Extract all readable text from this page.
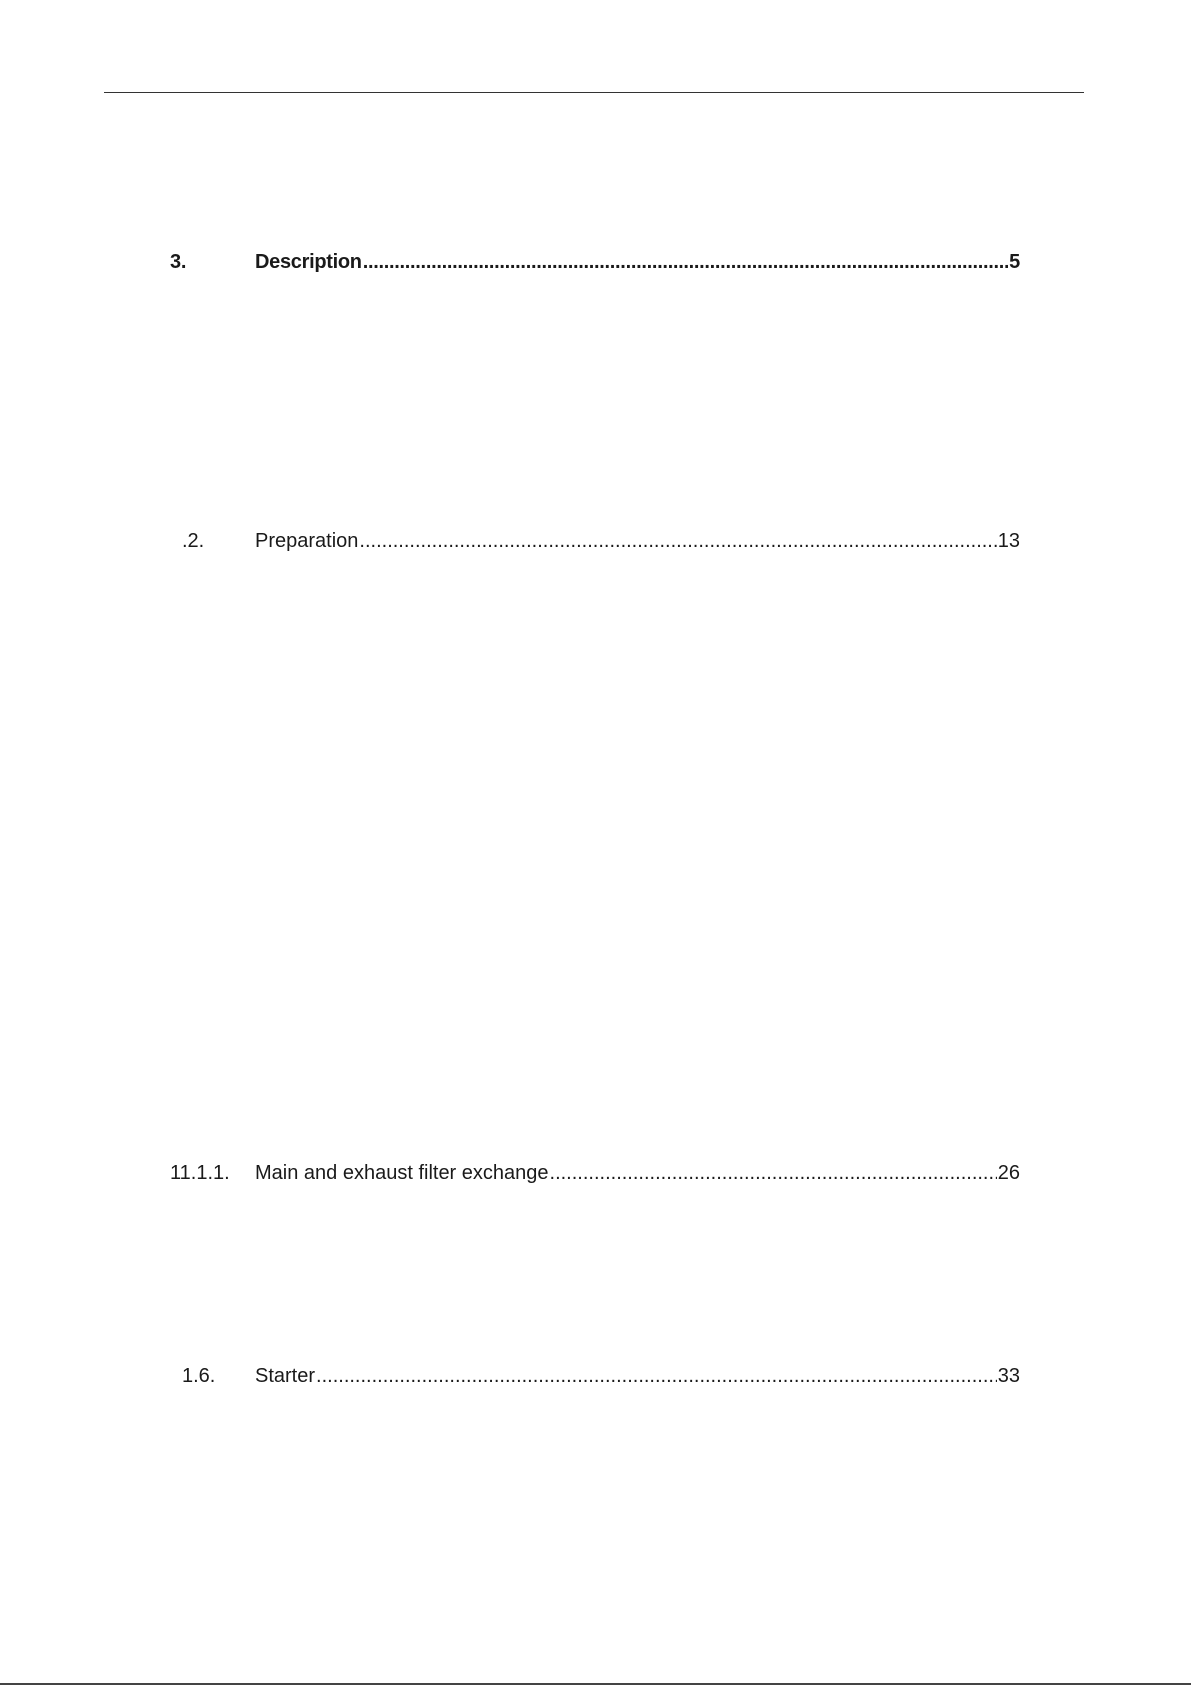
3.	Description .....	5
.2.	Preparation .....	13
11.1.1.	Main and exhaust filter exchange .....	26
1.6.	Starter .....	33
